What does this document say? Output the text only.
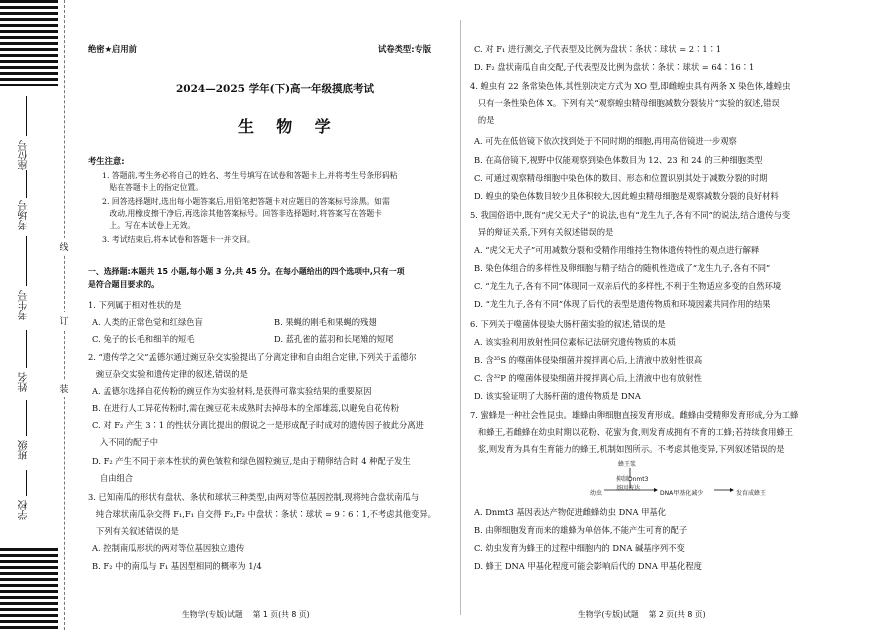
座位号
考场号
考生号
姓名
班级
学校
线
订
装
绝密★启用前	试卷类型:专版
2024—2025 学年(下)高一年级摸底考试
生    物    学
考生注意:
1. 答题前,考生务必将自己的姓名、考生号填写在试卷和答题卡上,并将考生号条形码粘
贴在答题卡上的指定位置。
2. 回答选择题时,选出每小题答案后,用铅笔把答题卡对应题目的答案标号涂黑。如需
改动,用橡皮擦干净后,再选涂其他答案标号。回答非选择题时,将答案写在答题卡
上。写在本试卷上无效。
3. 考试结束后,将本试卷和答题卡一并交回。
一、选择题:本题共 15 小题,每小题 3 分,共 45 分。在每小题给出的四个选项中,只有一项
是符合题目要求的。
1. 下列属于相对性状的是
A. 人类的正常色觉和红绿色盲	B. 果蝇的刚毛和果蝇的残翅
C. 兔子的长毛和细羊的短毛	D. 蓝孔雀的蓝羽和长尾雉的短尾
2. “遗传学之父”孟德尔通过豌豆杂交实验提出了分离定律和自由组合定律,下列关于孟德尔
豌豆杂交实验和遗传定律的叙述,错误的是
A. 孟德尔选择自花传粉的豌豆作为实验材料,是获得可靠实验结果的重要原因
B. 在进行人工异花传粉时,需在豌豆花未成熟时去掉母本的全部雄蕊,以避免自花传粉
C. 对 F₂ 产生 3∶1 的性状分离比提出的假说之一是形成配子时成对的遗传因子彼此分离进
入不同的配子中
D. F₂ 产生不同于亲本性状的黄色皱粒和绿色圆粒豌豆,是由于精卵结合时 4 种配子发生
自由组合
3. 已知南瓜的形状有盘状、条状和球状三种类型,由两对等位基因控制,现将纯合盘状南瓜与
纯合球状南瓜杂交得 F₁,F₁ 自交得 F₂,F₂ 中盘状∶条状∶球状 = 9∶6∶1,不考虑其他变异。
下列有关叙述错误的是
A. 控制南瓜形状的两对等位基因独立遗传
B. F₂ 中的南瓜与 F₁ 基因型相同的概率为 1/4
生物学(专版)试题    第 1 页(共 8 页)
C. 对 F₁ 进行测交,子代表型及比例为盘状∶条状∶球状 = 2∶1∶1
D. F₂ 盘状南瓜自由交配,子代表型及比例为盘状∶条状∶球状 = 64∶16∶1
4. 蝗虫有 22 条常染色体,其性别决定方式为 XO 型,即雌蝗虫具有两条 X 染色体,雄蝗虫
只有一条性染色体 X。下列有关“观察蝗虫精母细胞减数分裂装片”实验的叙述,错误
的是
A. 可先在低倍镜下依次找到处于不同时期的细胞,再用高倍镜进一步观察
B. 在高倍镜下,视野中仅能观察到染色体数目为 12、23 和 24 的三种细胞类型
C. 可通过观察精母细胞中染色体的数目、形态和位置识别其处于减数分裂的时期
D. 蝗虫的染色体数目较少且体积较大,因此蝗虫精母细胞是观察减数分裂的良好材料
5. 我国俗语中,既有“虎父无犬子”的说法,也有“龙生九子,各有不同”的说法,结合遗传与变
异的辩证关系,下列有关叙述错误的是
A. “虎父无犬子”可用减数分裂和受精作用维持生物体遗传特性的观点进行解释
B. 染色体组合的多样性及卵细胞与精子结合的随机性造成了“龙生九子,各有不同”
C. “龙生九子,各有不同”体现同一双亲后代的多样性,不利于生物适应多变的自然环境
D. “龙生九子,各有不同”体现了后代的表型是遗传物质和环境因素共同作用的结果
6. 下列关于噬菌体侵染大肠杆菌实验的叙述,错误的是
A. 该实验利用放射性同位素标记法研究遗传物质的本质
B. 含³⁵S 的噬菌体侵染细菌并搅拌离心后,上清液中放射性很高
C. 含³²P 的噬菌体侵染细菌并搅拌离心后,上清液中也有放射性
D. 该实验证明了大肠杆菌的遗传物质是 DNA
7. 蜜蜂是一种社会性昆虫。雄蜂由卵细胞直接发育形成。雌蜂由受精卵发育形成,分为工蜂
和蜂王,若雌蜂在幼虫时期以花粉、花蜜为食,则发育成拥有不育的工蜂;若持续食用蜂王
浆,则发育为具有生育能力的蜂王,机制如图所示。不考虑其他变异,下列叙述错误的是
蜂王浆
抑制Dnmt3
基因表达
幼虫	DNA甲基化减少	发育成蜂王
A. Dnmt3 基因表达产物促进雌蜂幼虫 DNA 甲基化
B. 由卵细胞发育而来的雄蜂为单倍体,不能产生可育的配子
C. 幼虫发育为蜂王的过程中细胞内的 DNA 碱基序列不变
D. 蜂王 DNA 甲基化程度可能会影响后代的 DNA 甲基化程度
生物学(专版)试题    第 2 页(共 8 页)
